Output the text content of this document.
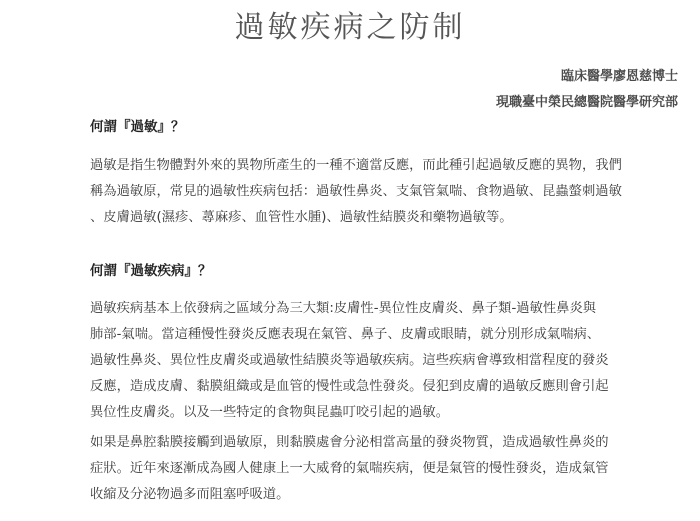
過敏疾病之防制
臨床醫學廖恩慈博士
現職臺中榮民總醫院醫學研究部
何謂『過敏』？

過敏是指生物體對外來的異物所產生的一種不適當反應，而此種引起過敏反應的異物，我們
稱為過敏原，常見的過敏性疾病包括：過敏性鼻炎、支氣管氣喘、食物過敏、昆蟲螫刺過敏
、皮膚過敏(濕疹、蕁麻疹、血管性水腫)、過敏性結膜炎和藥物過敏等。

何謂『過敏疾病』？

過敏疾病基本上依發病之區域分為三大類:皮膚性-異位性皮膚炎、鼻子類-過敏性鼻炎與
肺部-氣喘。當這種慢性發炎反應表現在氣管、鼻子、皮膚或眼睛，就分別形成氣喘病、
過敏性鼻炎、異位性皮膚炎或過敏性結膜炎等過敏疾病。這些疾病會導致相當程度的發炎
反應，造成皮膚、黏膜組織或是血管的慢性或急性發炎。侵犯到皮膚的過敏反應則會引起
異位性皮膚炎。以及一些特定的食物與昆蟲叮咬引起的過敏。

如果是鼻腔黏膜接觸到過敏原，則黏膜處會分泌相當高量的發炎物質，造成過敏性鼻炎的
症狀。近年來逐漸成為國人健康上一大威脅的氣喘疾病，便是氣管的慢性發炎，造成氣管
收縮及分泌物過多而阻塞呼吸道。
